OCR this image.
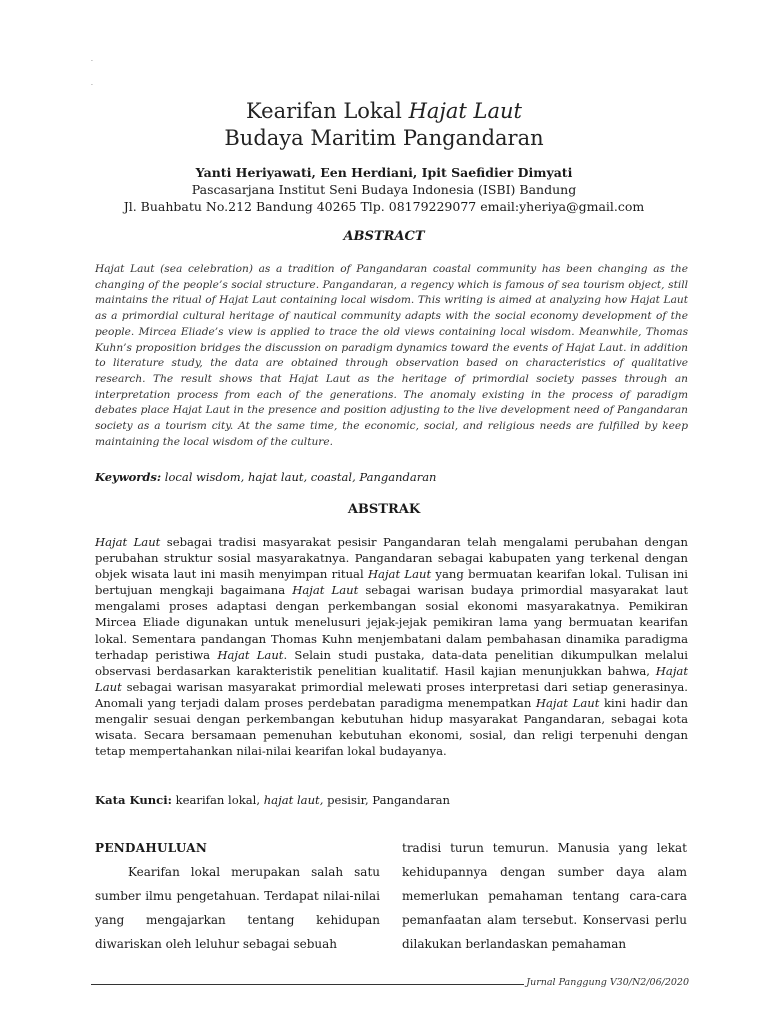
.

.
Kearifan Lokal Hajat Laut
Budaya Maritim Pangandaran
Yanti Heriyawati, Een Herdiani, Ipit Saefidier Dimyati
Pascasarjana Institut Seni Budaya Indonesia (ISBI) Bandung
Jl. Buahbatu No.212 Bandung 40265 Tlp. 08179229077 email:yheriya@gmail.com
ABSTRACT
Hajat Laut (sea celebration) as a tradition of Pangandaran coastal community has been changing as the changing of the people’s social structure. Pangandaran, a regency which is famous of sea tourism object, still maintains the ritual of Hajat Laut containing local wisdom. This writing is aimed at analyzing how Hajat Laut as a primordial cultural heritage of nautical community adapts with the social economy development of the people. Mircea Eliade’s view is applied to trace the old views containing local wisdom. Meanwhile, Thomas Kuhn’s proposition bridges the discussion on paradigm dynamics toward the events of Hajat Laut. in addition to literature study, the data are obtained through observation based on characteristics of qualitative research. The result shows that Hajat Laut as the heritage of primordial society passes through an interpretation process from each of the generations. The anomaly existing in the process of paradigm debates place Hajat Laut in the presence and position adjusting to the live development need of Pangandaran society as a tourism city. At the same time, the economic, social, and religious needs are fulfilled by keep maintaining the local wisdom of the culture.
Keywords: local wisdom, hajat laut, coastal, Pangandaran
ABSTRAK
Hajat Laut sebagai tradisi masyarakat pesisir Pangandaran telah mengalami perubahan dengan perubahan struktur sosial masyarakatnya. Pangandaran sebagai kabupaten yang terkenal dengan objek wisata laut ini masih menyimpan ritual Hajat Laut yang bermuatan kearifan lokal. Tulisan ini bertujuan mengkaji bagaimana Hajat Laut sebagai warisan budaya primordial masyarakat laut mengalami proses adaptasi dengan perkembangan sosial ekonomi masyarakatnya. Pemikiran Mircea Eliade digunakan untuk menelusuri jejak-jejak pemikiran lama yang bermuatan kearifan lokal. Sementara pandangan Thomas Kuhn menjembatani dalam pembahasan dinamika paradigma terhadap peristiwa Hajat Laut. Selain studi pustaka, data-data penelitian dikumpulkan melalui observasi berdasarkan karakteristik penelitian kualitatif. Hasil kajian menunjukkan bahwa, Hajat Laut sebagai warisan masyarakat primordial melewati proses interpretasi dari setiap generasinya. Anomali yang terjadi dalam proses perdebatan paradigma menempatkan Hajat Laut kini hadir dan mengalir sesuai dengan perkembangan kebutuhan hidup masyarakat Pangandaran, sebagai kota wisata. Secara bersamaan pemenuhan kebutuhan ekonomi, sosial, dan religi terpenuhi dengan tetap mempertahankan nilai-nilai kearifan lokal budayanya.
Kata Kunci: kearifan lokal, hajat laut, pesisir, Pangandaran
PENDAHULUAN
Kearifan lokal merupakan salah satu sumber ilmu pengetahuan. Terdapat nilai-nilai yang mengajarkan tentang kehidupan diwariskan oleh leluhur sebagai sebuah
tradisi turun temurun. Manusia yang lekat kehidupannya dengan sumber daya alam memerlukan pemahaman tentang cara-cara pemanfaatan alam tersebut. Konservasi perlu dilakukan berlandaskan pemahaman
Jurnal Panggung V30/N2/06/2020
